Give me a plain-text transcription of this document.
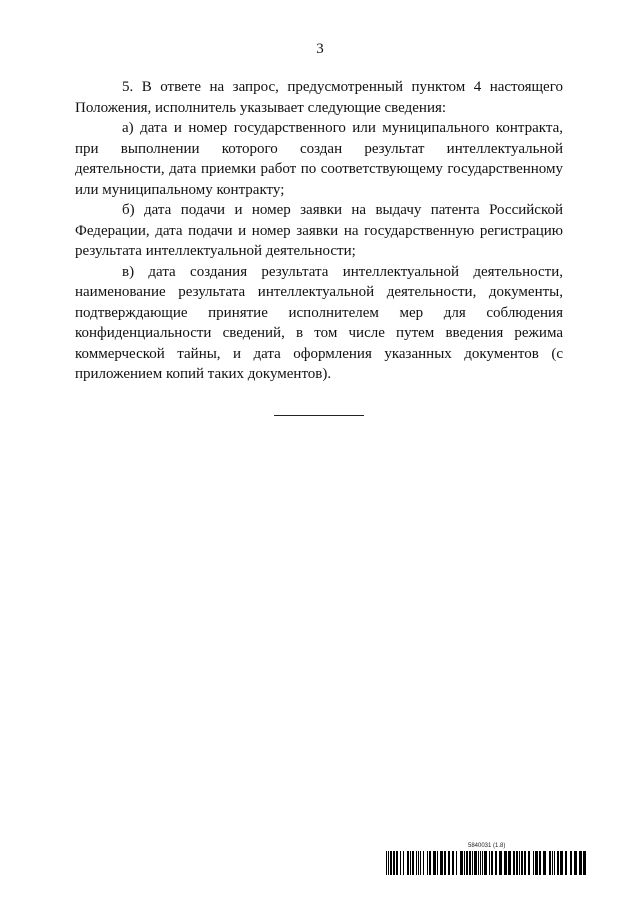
3

5. В ответе на запрос, предусмотренный пунктом 4 настоящего Положения, исполнитель указывает следующие сведения:

а) дата и номер государственного или муниципального контракта, при выполнении которого создан результат интеллектуальной деятельности, дата приемки работ по соответствующему государственному или муниципальному контракту;

б) дата подачи и номер заявки на выдачу патента Российской Федерации, дата подачи и номер заявки на государственную регистрацию результата интеллектуальной деятельности;

в) дата создания результата интеллектуальной деятельности, наименование результата интеллектуальной деятельности, документы, подтверждающие принятие исполнителем мер для соблюдения конфиденциальности сведений, в том числе путем введения режима коммерческой тайны, и дата оформления указанных документов (с приложением копий таких документов).

5840031 (1.8)
